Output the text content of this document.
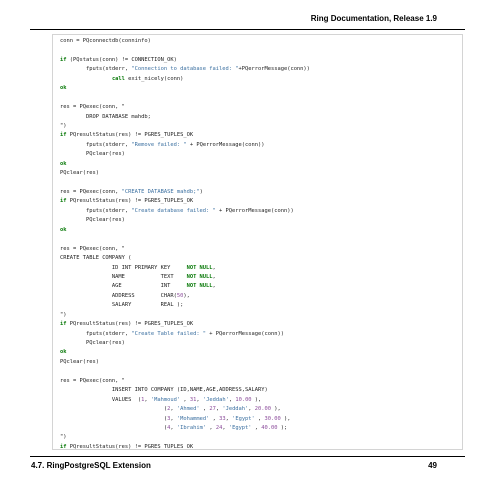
Ring Documentation, Release 1.9
conn = PQconnectdb(conninfo)
if (PQstatus(conn) != CONNECTION_OK)
fputs(stderr, "Connection to database failed: "+PQerrorMessage(conn))
call exit_nicely(conn)
ok
res = PQexec(conn, "
DROP DATABASE mahdb;
")
if PQresultStatus(res) != PGRES_TUPLES_OK
fputs(stderr, "Remove failed: " + PQerrorMessage(conn))
PQclear(res)
ok
PQclear(res)
res = PQexec(conn, "CREATE DATABASE mahdb;")
if PQresultStatus(res) != PGRES_TUPLES_OK
fputs(stderr, "Create database failed: " + PQerrorMessage(conn))
PQclear(res)
ok
res = PQexec(conn, "
CREATE TABLE COMPANY (
ID INT PRIMARY KEY     NOT NULL,
NAME           TEXT    NOT NULL,
AGE            INT     NOT NULL,
ADDRESS        CHAR(50),
SALARY         REAL );
")
if PQresultStatus(res) != PGRES_TUPLES_OK
fputs(stderr, "Create Table failed: " + PQerrorMessage(conn))
PQclear(res)
ok
PQclear(res)
res = PQexec(conn, "
INSERT INTO COMPANY (ID,NAME,AGE,ADDRESS,SALARY)
VALUES  (1, 'Mahmoud' , 31, 'Jeddah', 10.00 ),
(2, 'Ahmed' , 27, 'Jeddah', 20.00 ),
(3, 'Mohammed' , 33, 'Egypt' , 30.00 ),
(4, 'Ibrahim' , 24, 'Egypt' , 40.00 );
")
if PQresultStatus(res) != PGRES_TUPLES_OK

4.7. RingPostgreSQL Extension	49
